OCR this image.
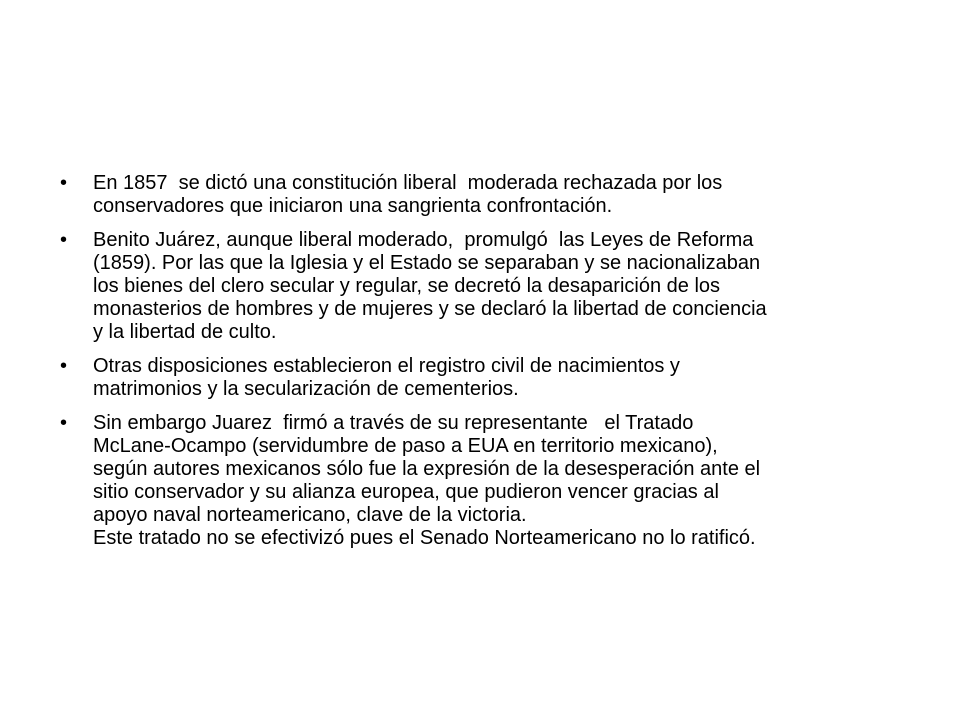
•	En 1857  se dictó una constitución liberal  moderada rechazada por los
conservadores que iniciaron una sangrienta confrontación.
•	Benito Juárez, aunque liberal moderado,  promulgó  las Leyes de Reforma
(1859). Por las que la Iglesia y el Estado se separaban y se nacionalizaban
los bienes del clero secular y regular, se decretó la desaparición de los
monasterios de hombres y de mujeres y se declaró la libertad de conciencia
y la libertad de culto.
•	Otras disposiciones establecieron el registro civil de nacimientos y
matrimonios y la secularización de cementerios.
•	Sin embargo Juarez  firmó a través de su representante   el Tratado
McLane-Ocampo (servidumbre de paso a EUA en territorio mexicano),
según autores mexicanos sólo fue la expresión de la desesperación ante el
sitio conservador y su alianza europea, que pudieron vencer gracias al
apoyo naval norteamericano, clave de la victoria.
Este tratado no se efectivizó pues el Senado Norteamericano no lo ratificó.
